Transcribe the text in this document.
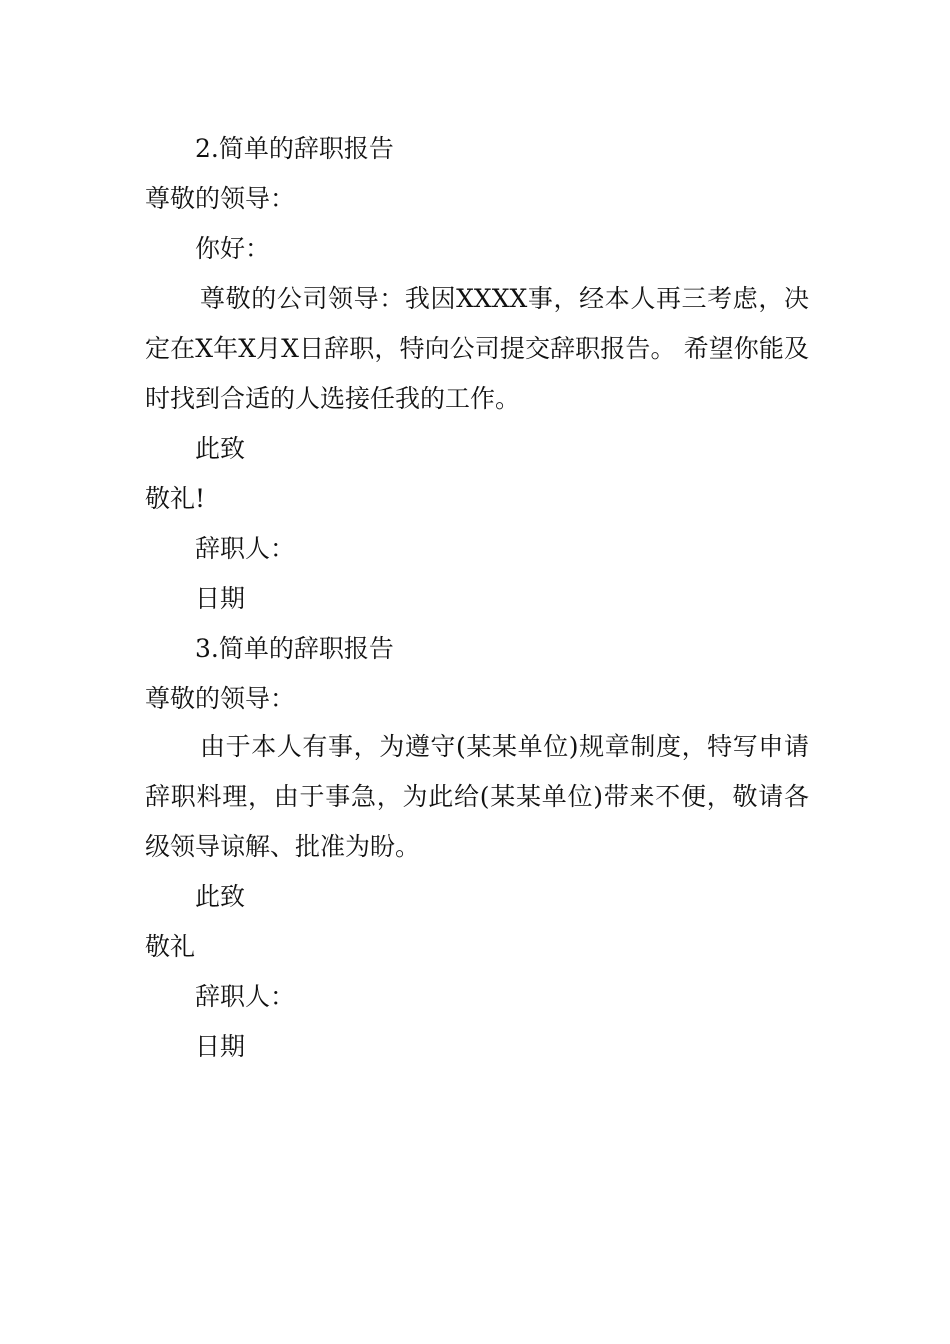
2.简单的辞职报告
尊敬的领导：
你好：
尊敬的公司领导：我因XXXX事，经本人再三考虑，决定在X年X月X日辞职，特向公司提交辞职报告。 希望你能及时找到合适的人选接任我的工作。
此致
敬礼!
辞职人：
日期
3.简单的辞职报告
尊敬的领导：
由于本人有事，为遵守(某某单位)规章制度，特写申请辞职料理，由于事急，为此给(某某单位)带来不便，敬请各级领导谅解、批准为盼。
此致
敬礼
辞职人：
日期
